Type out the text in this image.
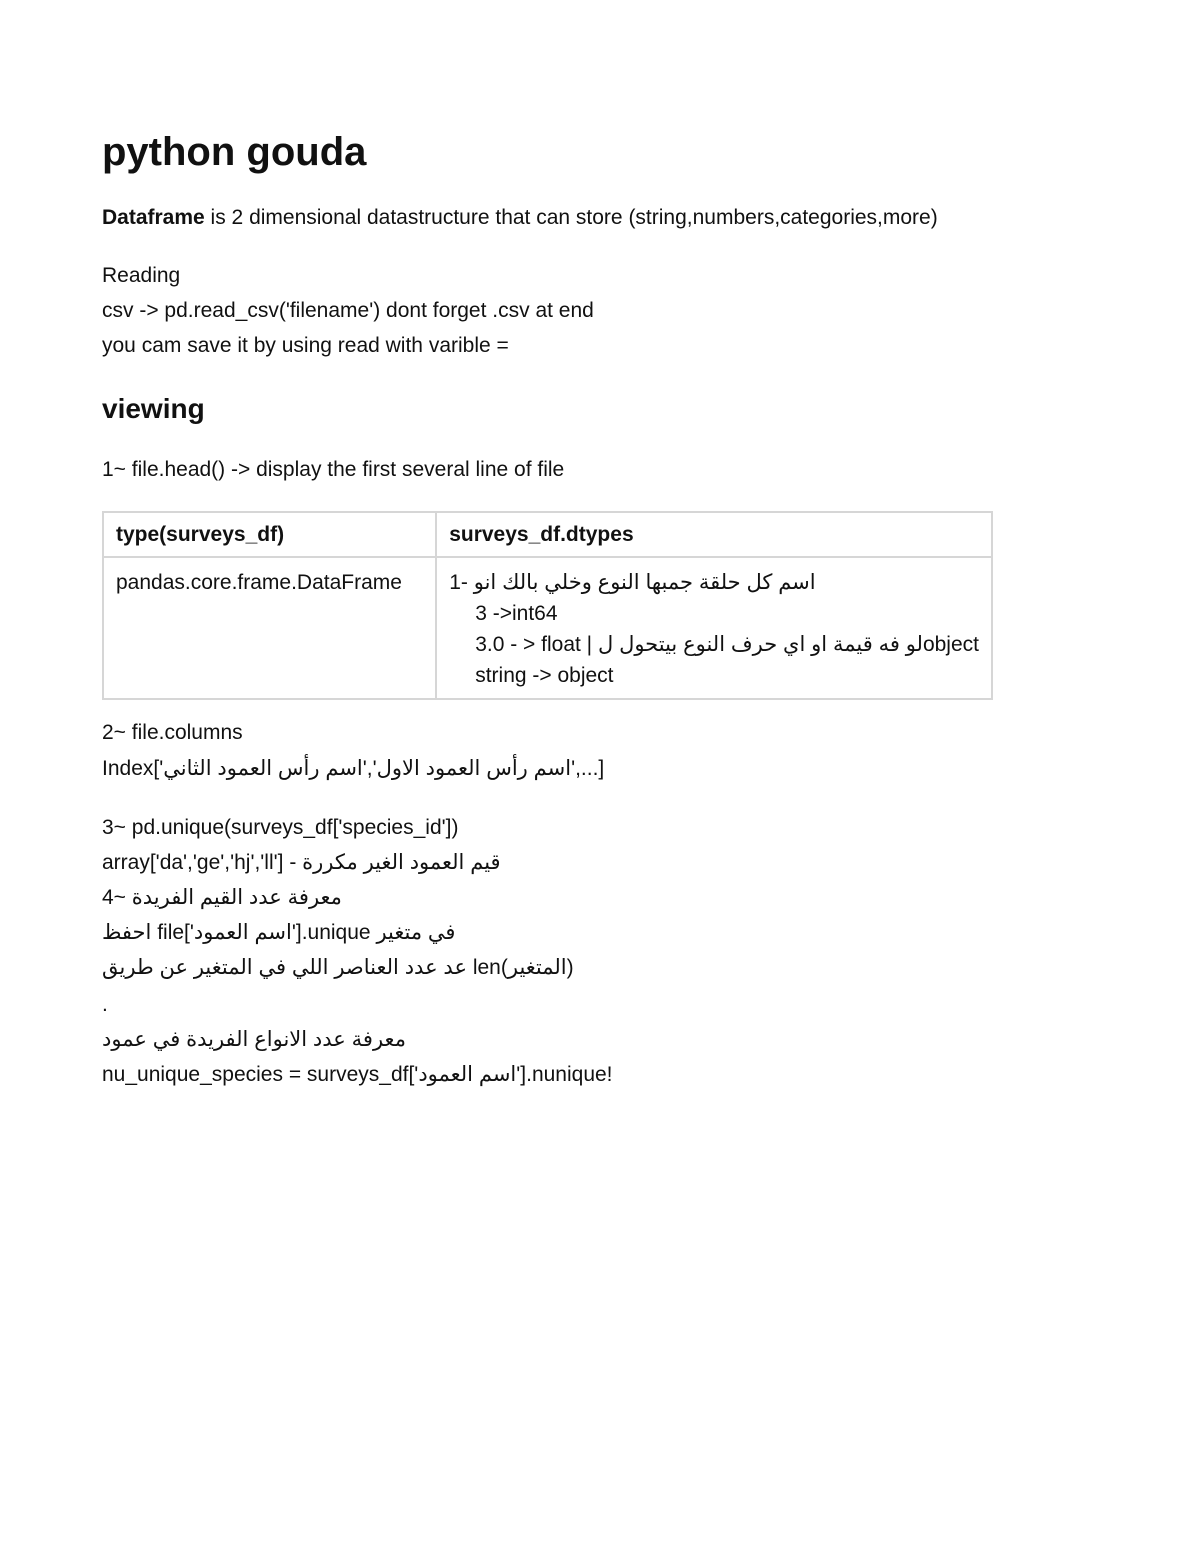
python gouda

Dataframe is 2 dimensional datastructure that can store (string,numbers,categories,more)

Reading

csv -> pd.read_csv('filename') dont forget .csv at end

you cam save it by using read with varible =

viewing

1~ file.head() -> display the first several line of file

type(surveys_df)	surveys_df.dtypes
pandas.core.frame.DataFrame	1- اسم كل حلقة جمبها النوع وخلي بالك انو
3 ->int64
3.0 - > float | لو فه قيمة او اي حرف النوع بيتحول لobject
string -> object

2~ file.columns

Index['اسم رأس العمود الاول','اسم رأس العمود الثاني',...]

3~ pd.unique(surveys_df['species_id'])

array['da','ge','hj','ll'] - قيم العمود الغير مكررة

4~ معرفة عدد القيم الفريدة

احفظ file['اسم العمود'].unique في متغير

عد عدد العناصر اللي في المتغير عن طريق len(المتغير)

.

معرفة عدد الانواع الفريدة في عمود

nu_unique_species = surveys_df['اسم العمود'].nunique!
